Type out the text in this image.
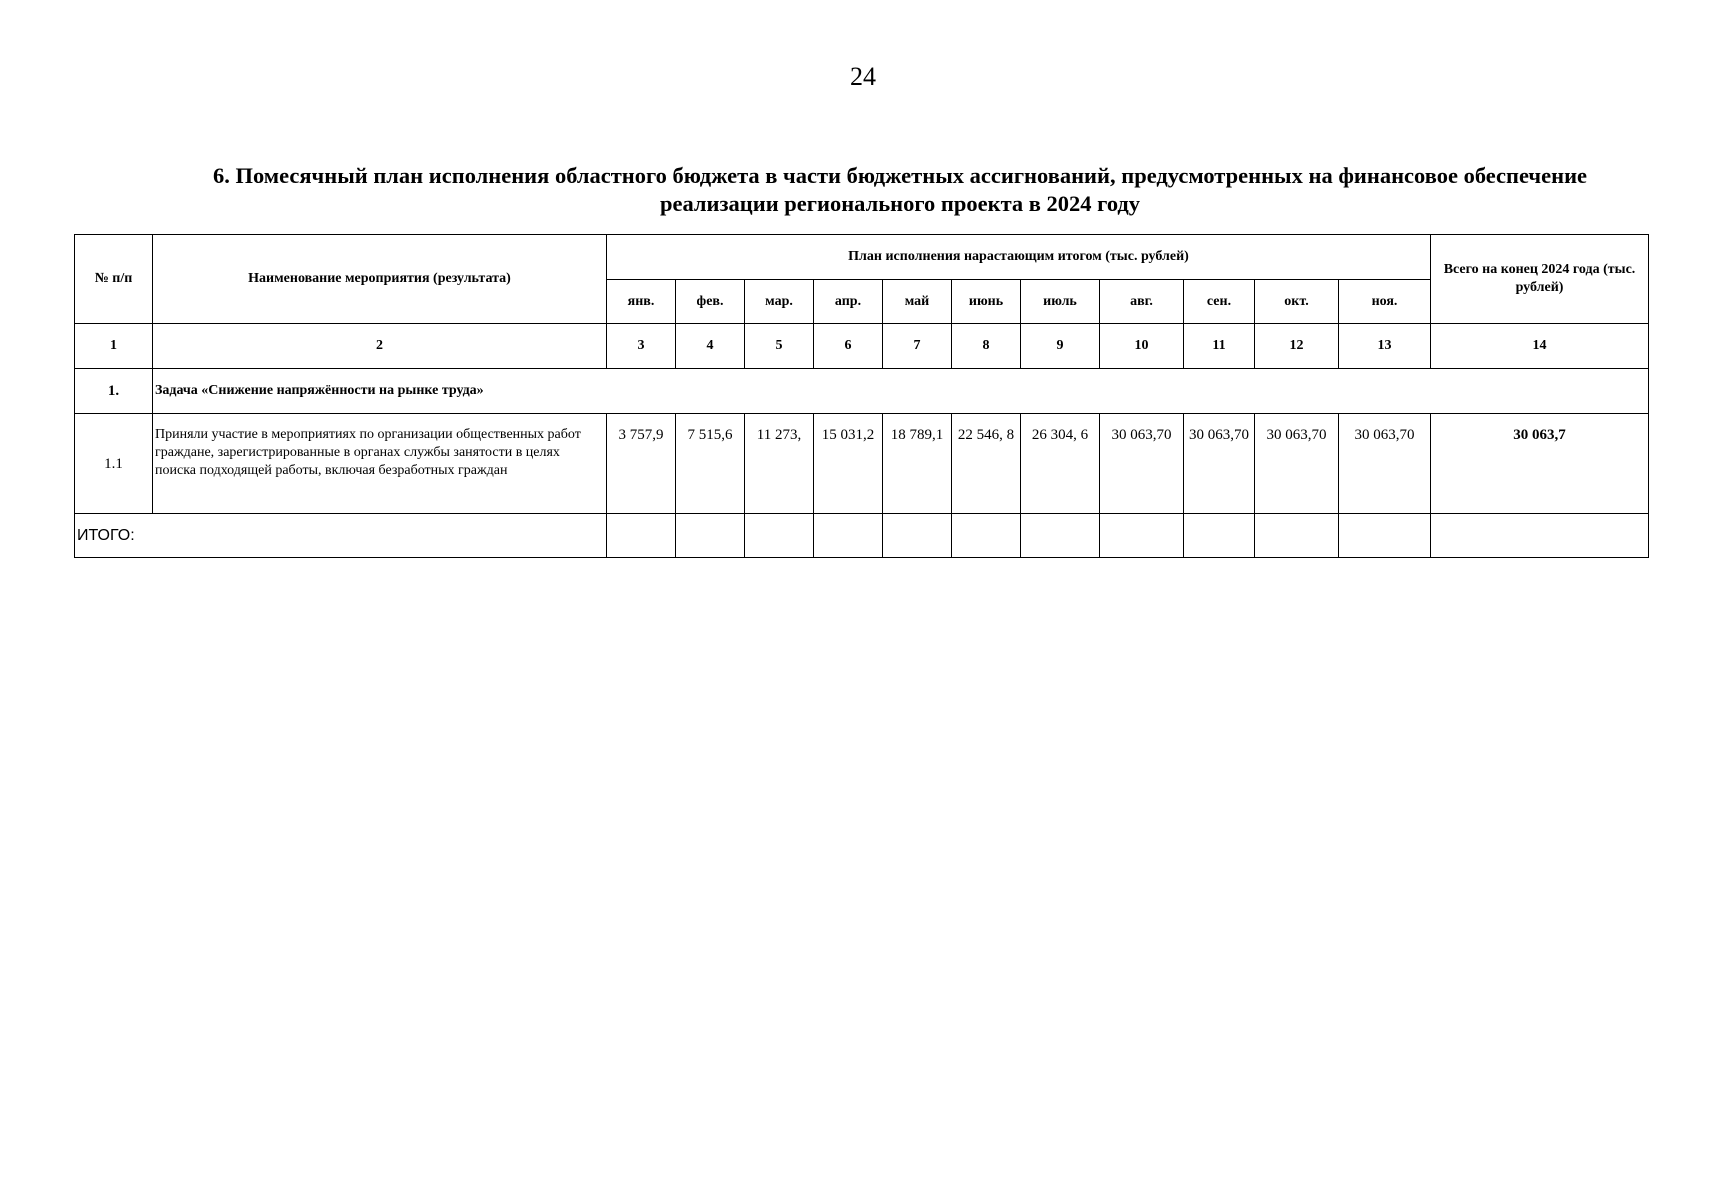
24
6. Помесячный план исполнения областного бюджета в части бюджетных ассигнований, предусмотренных на финансовое обеспечение
реализации регионального проекта в 2024 году
№ п/п	Наименование мероприятия (результата)	План исполнения нарастающим итогом (тыс. рублей)											Всего на конец 2024 года (тыс. рублей)
		янв.	фев.	мар.	апр.	май	июнь	июль	авг.	сен.	окт.	ноя.	
1	2	3	4	5	6	7	8	9	10	11	12	13	14
1.	Задача «Снижение напряжённости на рынке труда»												
1.1	Приняли участие в мероприятиях по организации общественных работ граждане, зарегистрированные в органах службы занятости в целях поиска подходящей работы, включая безработных граждан	3 757,9	7 515,6	11 273,	15 031,2	18 789,1	22 546, 8	26 304, 6	30 063,70	30 063,70	30 063,70	30 063,70	30 063,7
ИТОГО:													
